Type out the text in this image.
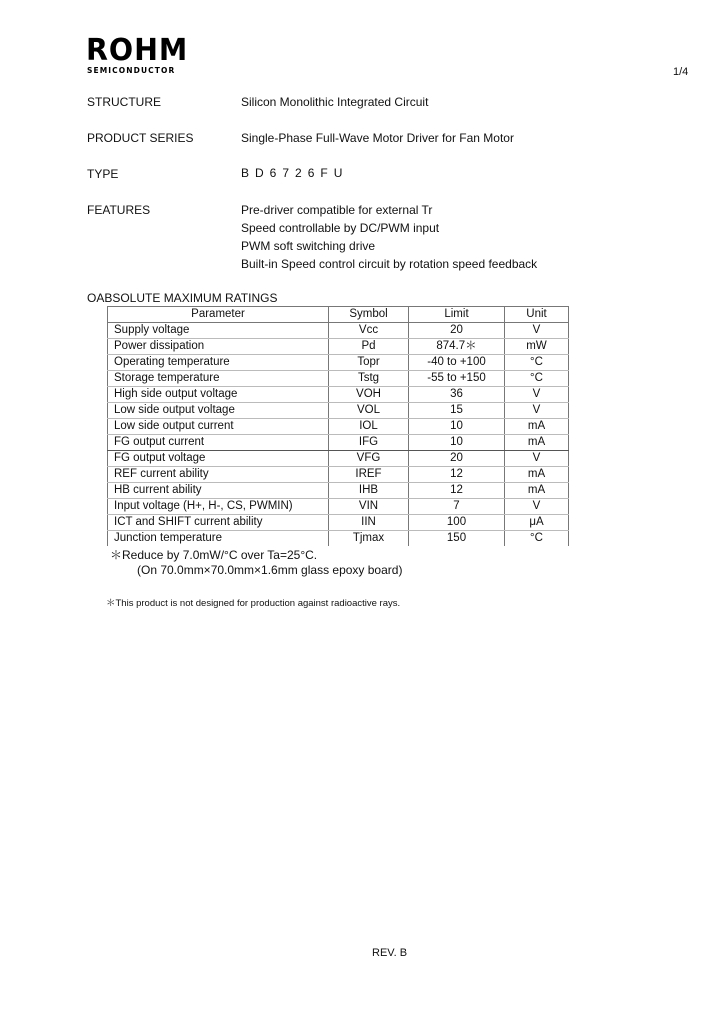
ROHM
SEMICONDUCTOR	1/4
STRUCTURE	Silicon Monolithic Integrated Circuit
PRODUCT SERIES	Single-Phase Full-Wave Motor Driver for Fan Motor
TYPE	BD6726FU
FEATURES	Pre-driver compatible for external Tr
Speed controllable by DC/PWM input
PWM soft switching drive
Built-in Speed control circuit by rotation speed feedback
OABSOLUTE MAXIMUM RATINGS
Parameter	Symbol	Limit	Unit
Supply voltage	Vcc	20	V
Power dissipation	Pd	874.7＊	mW
Operating temperature	Topr	-40 to +100	°C
Storage temperature	Tstg	-55 to +150	°C
High side output voltage	VOH	36	V
Low side output voltage	VOL	15	V
Low side output current	IOL	10	mA
FG output current	IFG	10	mA
FG output voltage	VFG	20	V
REF current ability	IREF	12	mA
HB current ability	IHB	12	mA
Input voltage (H+, H-, CS, PWMIN)	VIN	7	V
ICT and SHIFT current ability	IIN	100	μA
Junction temperature	Tjmax	150	°C
＊Reduce by 7.0mW/°C over Ta=25°C.
(On 70.0mm×70.0mm×1.6mm glass epoxy board)
＊This product is not designed for production against radioactive rays.
REV. B
